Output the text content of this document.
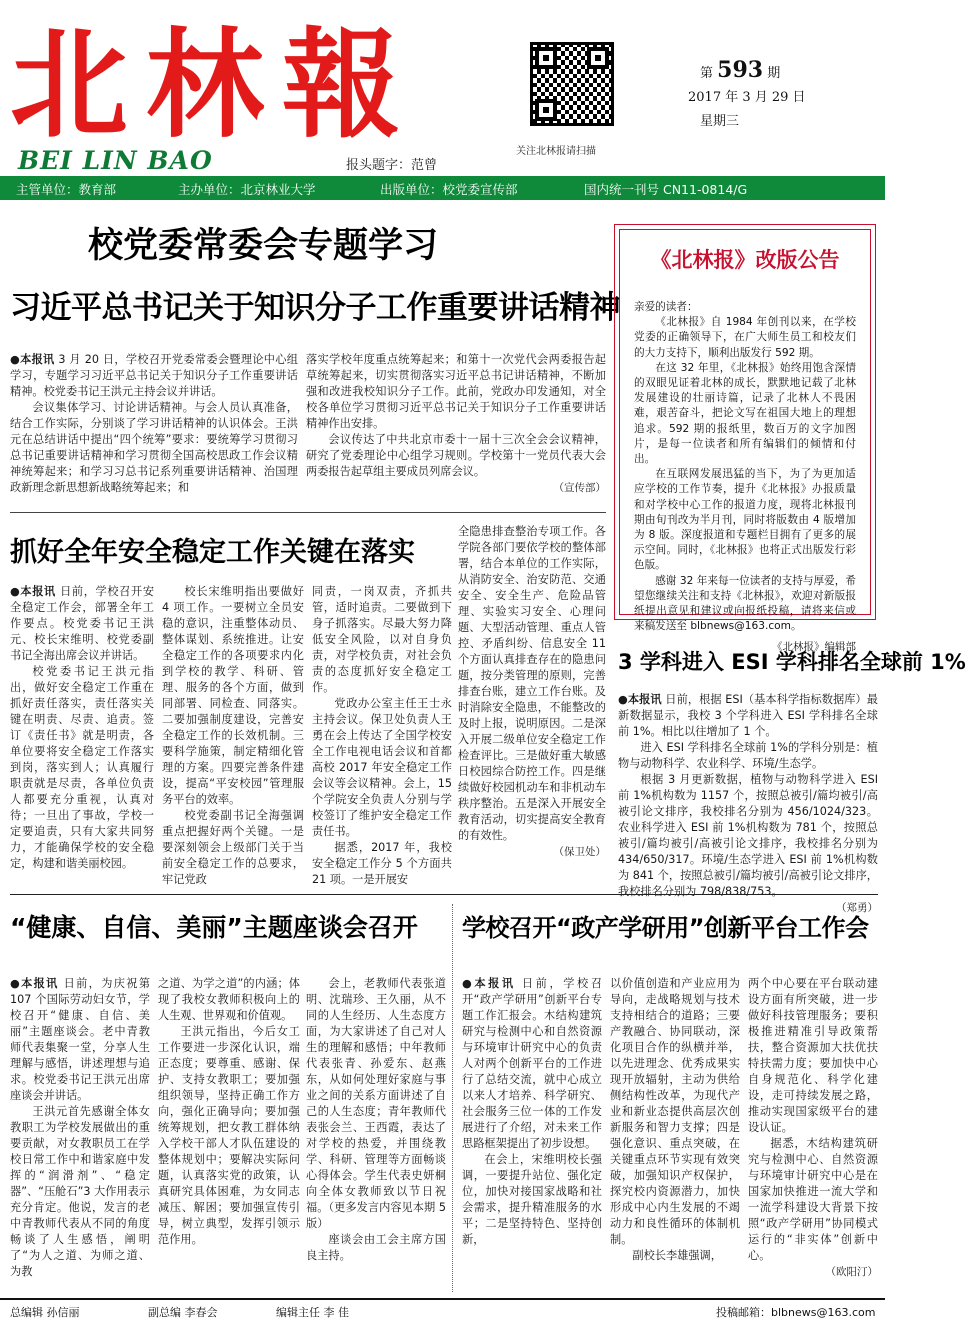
北林報
BEI LIN BAO	报头题字：范曾
关注北林报请扫描
第 593 期
2017 年 3 月 29 日
星期三
主管单位：教育部	主办单位：北京林业大学	出版单位：校党委宣传部	国内统一刊号 CN11-0814/G
校党委常委会专题学习
习近平总书记关于知识分子工作重要讲话精神

●本报讯 3 月 20 日，学校召开党委常委会暨理论中心组学习，专题学习习近平总书记关于知识分子工作重要讲话精神。校党委书记王洪元主持会议并讲话。

会议集体学习、讨论讲话精神。与会人员认真准备，结合工作实际，分别谈了学习讲话精神的认识体会。王洪元在总结讲话中提出“四个统筹”要求：要统筹学习贯彻习总书记重要讲话精神和学习贯彻全国高校思政工作会议精神统筹起来；和学习习总书记系列重要讲话精神、治国理政新理念新思想新战略统筹起来；和

落实学校年度重点统筹起来；和第十一次党代会两委报告起草统筹起来，切实贯彻落实习近平总书记讲话精神，不断加强和改进我校知识分子工作。此前，党政办印发通知，对全校各单位学习贯彻习近平总书记关于知识分子工作重要讲话精神作出安排。

会议传达了中共北京市委十一届十三次全会会议精神，研究了党委理论中心组学习规则。学校第十一党员代表大会两委报告起草组主要成员列席会议。

（宣传部）
《北林报》改版公告

亲爱的读者：

《北林报》自 1984 年创刊以来，在学校党委的正确领导下，在广大师生员工和校友们的大力支持下，顺利出版发行 592 期。

在这 32 年里，《北林报》始终用饱含深情的双眼见证着北林的成长，默默地记载了北林发展建设的壮丽诗篇，记录了北林人不畏困难，艰苦奋斗，把论文写在祖国大地上的理想追求。592 期的报纸里，数百万的文字加图片，是每一位读者和所有编辑们的倾情和付出。

在互联网发展迅猛的当下，为了为更加适应学校的工作节奏，提升《北林报》办报质量和对学校中心工作的报道力度，现将北林报刊期由旬刊改为半月刊，同时将版数由 4 版增加为 8 版。深度报道和专题栏目拥有了更多的展示空间。同时，《北林报》也将正式出版发行彩色版。

感谢 32 年来每一位读者的支持与厚爱，希望您继续关注和支持《北林报》，欢迎对新版报纸提出意见和建议或向报纸投稿，请将来信或来稿发送至 blbnews@163.com。

《北林报》编辑部
抓好全年安全稳定工作关键在落实

●本报讯 日前，学校召开安全稳定工作会，部署全年工作要点。校党委书记王洪元、校长宋维明、校党委副书记全海出席会议并讲话。

校党委书记王洪元指出，做好安全稳定工作重在抓好责任落实，责任落实关键在明责、尽责、追责。签订《责任书》就是明责，各单位要将安全稳定工作落实到岗，落实到人；认真履行职责就是尽责，各单位负责人都要充分重视，认真对待；一旦出了事故，学校一定要追责，只有大家共同努力，才能确保学校的安全稳定，构建和谐美丽校园。

校长宋维明指出要做好 4 项工作。一要树立全员安稳的意识，注重整体动员、整体谋划、系统推进。让安全稳定工作的各项要求内化到学校的教学、科研、管理、服务的各个方面，做到同部署、同检查、同落实。二要加强制度建设，完善安全稳定工作的长效机制。三要科学施策，制定精细化管理的方案。四要完善条件建设，提高“平安校园”管理服务平台的效率。

校党委副书记全海强调重点把握好两个关键。一是要深刻领会上级部门关于当前安全稳定工作的总要求，牢记党政

同责，一岗双责，齐抓共管，适时追责。二要做到下身子抓落实。尽最大努力降低安全风险，以对自身负责，对学校负责，对社会负责的态度抓好安全稳定工作。

党政办公室主任王士永主持会议。保卫处负责人王勇在会上传达了全国学校安全工作电视电话会议和首都高校 2017 年安全稳定工作会议等会议精神。会上，15 个学院安全负责人分别与学校签订了维护安全稳定工作责任书。

据悉，2017 年，我校安全稳定工作分 5 个方面共 21 项。一是开展安

全隐患排查整治专项工作。各学院各部门要依学校的整体部署，结合本单位的工作实际，从消防安全、治安防范、交通安全、安全生产、危险品管理、实验实习安全、心理问题、大型活动管理、重点人管控、矛盾纠纷、信息安全 11 个方面认真排查存在的隐患问题，按分类管理的原则，完善排查台账，建立工作台账。及时消除安全隐患，不能整改的及时上报，说明原因。二是深入开展二级单位安全稳定工作检查评比。三是做好重大敏感日校园综合防控工作。四是继续做好校园机动车和非机动车秩序整治。五是深入开展安全教育活动，切实提高安全教育的有效性。

（保卫处）
3 学科进入 ESI 学科排名全球前 1%

●本报讯 日前，根据 ESI（基本科学指标数据库）最新数据显示，我校 3 个学科进入 ESI 学科排名全球前 1%。相比以往增加了 1 个。

进入 ESI 学科排名全球前 1%的学科分别是：植物与动物科学、农业科学、环境/生态学。

根据 3 月更新数据，植物与动物科学进入 ESI 前 1%机构数为 1157 个，按照总被引/篇均被引/高被引论文排序，我校排名分别为 456/1024/323。农业科学进入 ESI 前 1%机构数为 781 个，按照总被引/篇均被引/高被引论文排序，我校排名分别为 434/650/317。环境/生态学进入 ESI 前 1%机构数为 841 个，按照总被引/篇均被引/高被引论文排序，我校排名分别为 798/838/753。

（郑勇）
“健康、自信、美丽”主题座谈会召开

●本报讯 日前，为庆祝第 107 个国际劳动妇女节，学校召开“健康、自信、美丽”主题座谈会。老中青教师代表集聚一堂，分享人生理解与感悟，讲述理想与追求。校党委书记王洪元出席座谈会并讲话。

王洪元首先感谢全体女教职工为学校发展做出的重要贡献，对女教职员工在学校日常工作中和谐家庭中发挥的“润滑剂”、“稳定器”、“压舱石”3 大作用表示充分肯定。他说，发言的老中青教师代表从不同的角度畅谈了人生感悟，阐明了“为人之道、为师之道、为教

之道、为学之道”的内涵；体现了我校女教师积极向上的人生观、世界观和价值观。

王洪元指出，今后女工工作要进一步深化认识，端正态度；要尊重、感谢、保护、支持女教职工；要加强组织领导，坚持正确工作方向，强化正确导向；要加强统筹规划，把女教工群体纳入学校干部人才队伍建设的整体规划中；要解决实际问题，认真落实党的政策，认真研究具体困难，为女同志减压、解困；要加强宣传引导，树立典型，发挥引领示范作用。

会上，老教师代表张道明、沈瑞珍、王久丽，从不同的人生经历、人生态度方面，为大家讲述了自己对人生的理解和感悟；中年教师代表张青、孙爱东、赵燕东，从如何处理好家庭与事业之间的关系方面讲述了自己的人生态度；青年教师代表张会兰、王西霞，表达了对学校的热爱，并围绕教学、科研、管理等方面畅谈心得体会。学生代表史妍桐向全体女教师致以节日祝福。（更多发言内容见本期 5 版）

座谈会由工会主席方国良主持。

学校召开“政产学研用”创新平台工作会

●本报讯 日前，学校召开“政产学研用”创新平台专题工作汇报会。木结构建筑研究与检测中心和自然资源与环境审计研究中心的负责人对两个创新平台的工作进行了总结交流，就中心成立以来人才培养、科学研究、社会服务三位一体的工作发展进行了介绍，对未来工作思路框架提出了初步设想。

在会上，宋维明校长强调，一要提升站位、强化定位，加快对接国家战略和社会需求，提升精准服务的水平；二是坚持特色、坚持创新，

以价值创造和产业应用为导向，走战略规划与技术支持相结合的道路；三要产教融合、协同联动，深化项目合作的纵横并举，以先进理念、优秀成果实现开放辐射，主动为供给侧结构性改革，为现代产业和新业态提供高层次创新服务和智力支撑；四是强化意识、重点突破，在关键重点环节实现有效突破，加强知识产权保护，探究校内资源潜力，加快形成中心内生发展的不竭动力和良性循环的体制机制。

副校长李雄强调，

两个中心要在平台联动建设方面有所突破，进一步做好科技管理服务；要积极推进精准引导政策帮扶，整合资源加大扶优扶特扶需力度；要加快中心自身规范化、科学化建设，走可持续发展之路，推动实现国家级平台的建设认证。

据悉，木结构建筑研究与检测中心、自然资源与环境审计研究中心是在国家加快推进一流大学和一流学科建设大背景下按照“政产学研用”协同模式运行的“非实体”创新中心。

（欧阳汀）
总编辑 孙信丽	副总编 李春会	编辑主任 李 佳	投稿邮箱：blbnews@163.com
